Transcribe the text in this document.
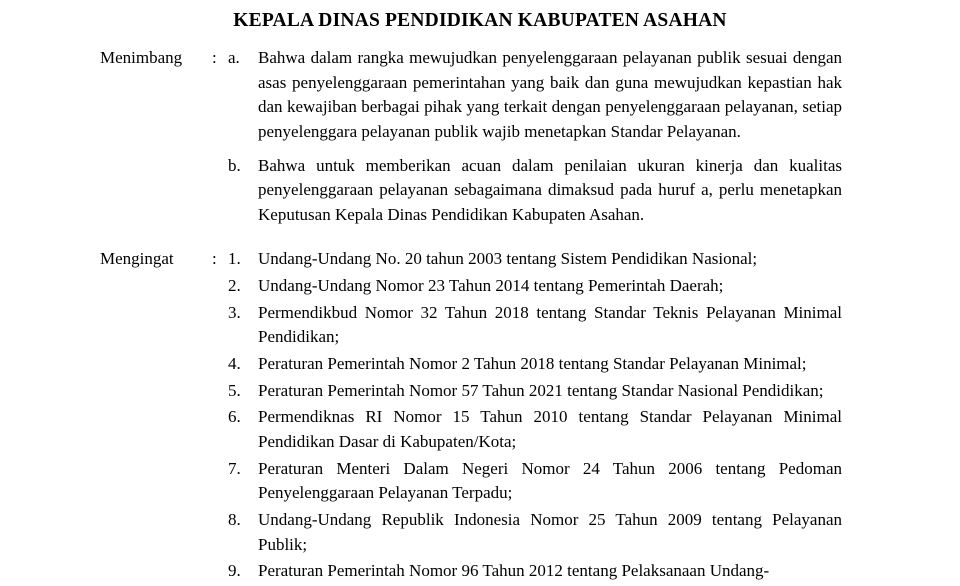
KEPALA DINAS PENDIDIKAN KABUPATEN ASAHAN
Menimbang	: a.	Bahwa dalam rangka mewujudkan penyelenggaraan pelayanan publik sesuai dengan asas penyelenggaraan pemerintahan yang baik dan guna mewujudkan kepastian hak dan kewajiban berbagai pihak yang terkait dengan penyelenggaraan pelayanan, setiap penyelenggara pelayanan publik wajib menetapkan Standar Pelayanan.
b.	Bahwa untuk memberikan acuan dalam penilaian ukuran kinerja dan kualitas penyelenggaraan pelayanan sebagaimana dimaksud pada huruf a, perlu menetapkan Keputusan Kepala Dinas Pendidikan Kabupaten Asahan.
Mengingat	: 1.	Undang-Undang No. 20 tahun 2003 tentang Sistem Pendidikan Nasional;
2.	Undang-Undang Nomor 23 Tahun 2014 tentang Pemerintah Daerah;
3.	Permendikbud Nomor 32 Tahun 2018 tentang Standar Teknis Pelayanan Minimal Pendidikan;
4.	Peraturan Pemerintah Nomor 2 Tahun 2018 tentang Standar Pelayanan Minimal;
5.	Peraturan Pemerintah Nomor 57 Tahun 2021 tentang Standar Nasional Pendidikan;
6.	Permendiknas RI Nomor 15 Tahun 2010 tentang Standar Pelayanan Minimal Pendidikan Dasar di Kabupaten/Kota;
7.	Peraturan Menteri Dalam Negeri Nomor 24 Tahun 2006 tentang Pedoman Penyelenggaraan Pelayanan Terpadu;
8.	Undang-Undang Republik Indonesia Nomor 25 Tahun 2009 tentang Pelayanan Publik;
9.	Peraturan Pemerintah Nomor 96 Tahun 2012 tentang Pelaksanaan Undang-
